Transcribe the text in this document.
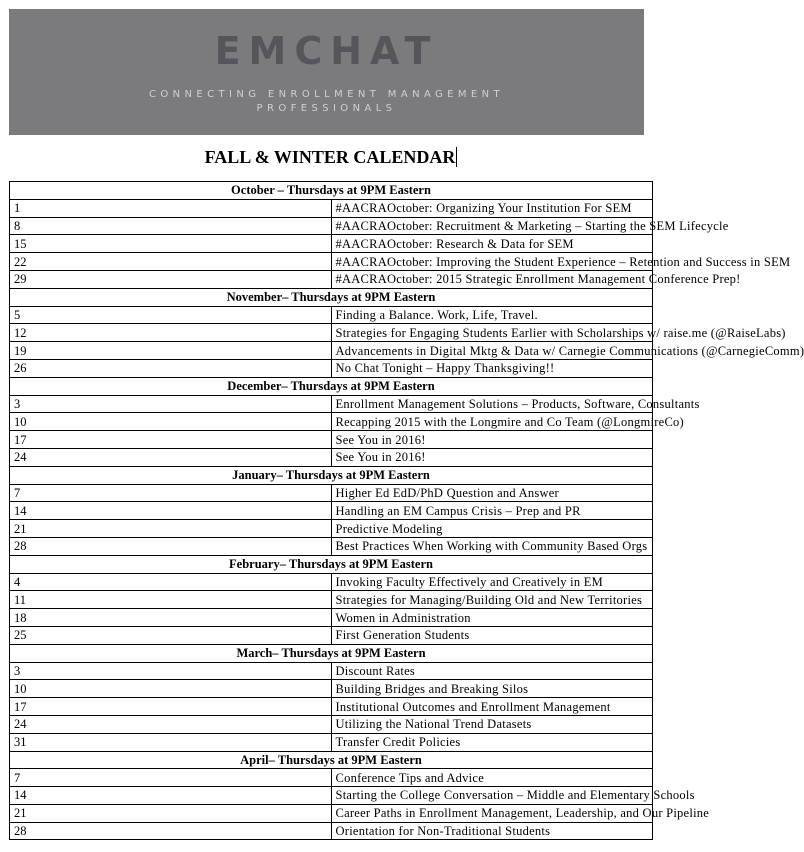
EMCHAT
CONNECTING ENROLLMENT MANAGEMENT PROFESSIONALS
FALL & WINTER CALENDAR
October – Thursdays at 9PM Eastern	
1	#AACRAOctober: Organizing Your Institution For SEM
8	#AACRAOctober: Recruitment & Marketing – Starting the SEM Lifecycle
15	#AACRAOctober: Research & Data for SEM
22	#AACRAOctober: Improving the Student Experience – Retention and Success in SEM
29	#AACRAOctober: 2015 Strategic Enrollment Management Conference Prep!
November– Thursdays at 9PM Eastern	
5	Finding a Balance. Work, Life, Travel.
12	Strategies for Engaging Students Earlier with Scholarships w/ raise.me (@RaiseLabs)
19	Advancements in Digital Mktg & Data w/ Carnegie Communications (@CarnegieComm)
26	No Chat Tonight – Happy Thanksgiving!!
December– Thursdays at 9PM Eastern	
3	Enrollment Management Solutions – Products, Software, Consultants
10	Recapping 2015 with the Longmire and Co Team (@LongmireCo)
17	See You in 2016!
24	See You in 2016!
January– Thursdays at 9PM Eastern	
7	Higher Ed EdD/PhD Question and Answer
14	Handling an EM Campus Crisis – Prep and PR
21	Predictive Modeling
28	Best Practices When Working with Community Based Orgs
February– Thursdays at 9PM Eastern	
4	Invoking Faculty Effectively and Creatively in EM
11	Strategies for Managing/Building Old and New Territories
18	Women in Administration
25	First Generation Students
March– Thursdays at 9PM Eastern	
3	Discount Rates
10	Building Bridges and Breaking Silos
17	Institutional Outcomes and Enrollment Management
24	Utilizing the National Trend Datasets
31	Transfer Credit Policies
April– Thursdays at 9PM Eastern	
7	Conference Tips and Advice
14	Starting the College Conversation – Middle and Elementary Schools
21	Career Paths in Enrollment Management, Leadership, and Our Pipeline
28	Orientation for Non-Traditional Students
